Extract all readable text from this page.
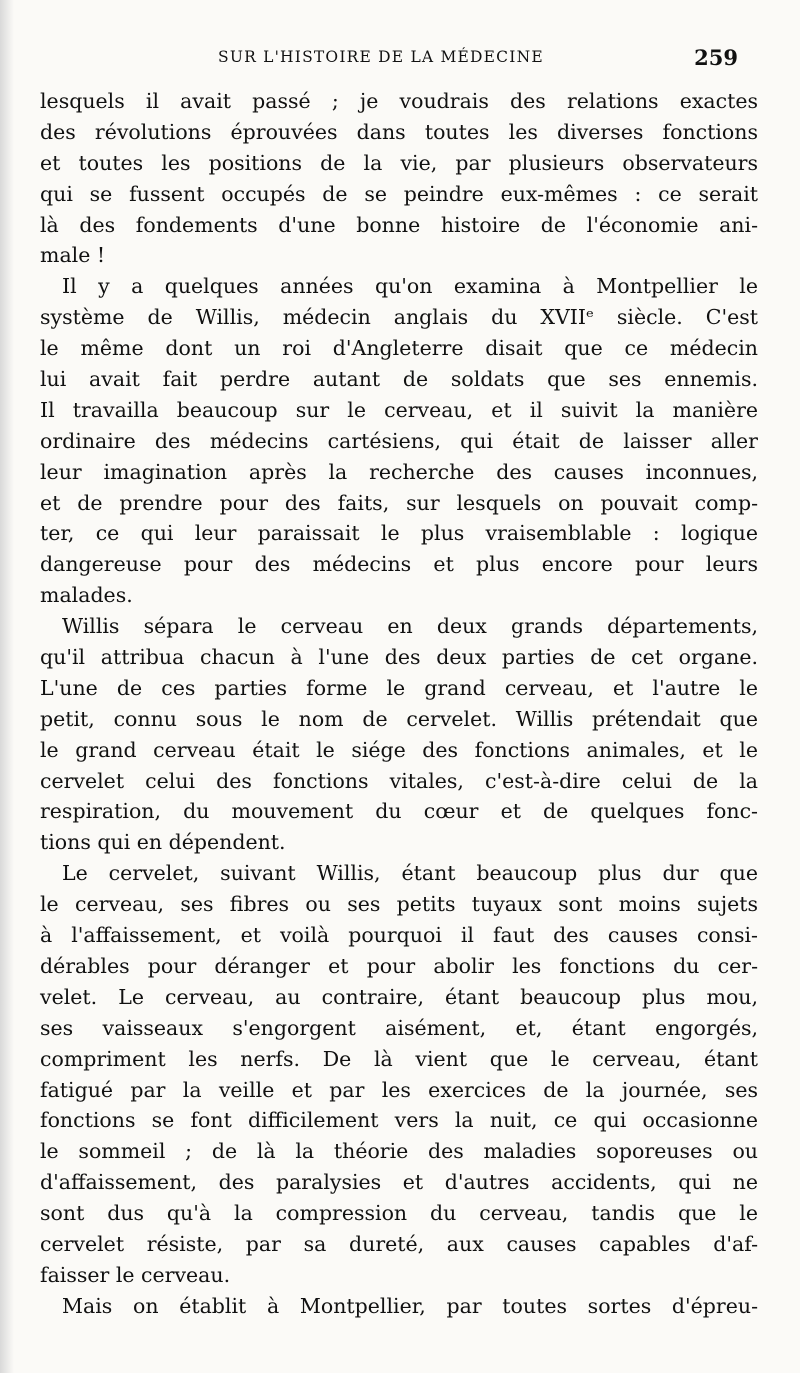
SUR L'HISTOIRE DE LA MÉDECINE	259
lesquels il avait passé ; je voudrais des relations exactes
des révolutions éprouvées dans toutes les diverses fonctions
et toutes les positions de la vie, par plusieurs observateurs
qui se fussent occupés de se peindre eux-mêmes : ce serait
là des fondements d'une bonne histoire de l'économie ani-
male !
Il y a quelques années qu'on examina à Montpellier le
système de Willis, médecin anglais du XVIIᵉ siècle. C'est
le même dont un roi d'Angleterre disait que ce médecin
lui avait fait perdre autant de soldats que ses ennemis.
Il travailla beaucoup sur le cerveau, et il suivit la manière
ordinaire des médecins cartésiens, qui était de laisser aller
leur imagination après la recherche des causes inconnues,
et de prendre pour des faits, sur lesquels on pouvait comp-
ter, ce qui leur paraissait le plus vraisemblable : logique
dangereuse pour des médecins et plus encore pour leurs
malades.
Willis sépara le cerveau en deux grands départements,
qu'il attribua chacun à l'une des deux parties de cet organe.
L'une de ces parties forme le grand cerveau, et l'autre le
petit, connu sous le nom de cervelet. Willis prétendait que
le grand cerveau était le siége des fonctions animales, et le
cervelet celui des fonctions vitales, c'est-à-dire celui de la
respiration, du mouvement du cœur et de quelques fonc-
tions qui en dépendent.
Le cervelet, suivant Willis, étant beaucoup plus dur que
le cerveau, ses fibres ou ses petits tuyaux sont moins sujets
à l'affaissement, et voilà pourquoi il faut des causes consi-
dérables pour déranger et pour abolir les fonctions du cer-
velet. Le cerveau, au contraire, étant beaucoup plus mou,
ses vaisseaux s'engorgent aisément, et, étant engorgés,
compriment les nerfs. De là vient que le cerveau, étant
fatigué par la veille et par les exercices de la journée, ses
fonctions se font difficilement vers la nuit, ce qui occasionne
le sommeil ; de là la théorie des maladies soporeuses ou
d'affaissement, des paralysies et d'autres accidents, qui ne
sont dus qu'à la compression du cerveau, tandis que le
cervelet résiste, par sa dureté, aux causes capables d'af-
faisser le cerveau.
Mais on établit à Montpellier, par toutes sortes d'épreu-
